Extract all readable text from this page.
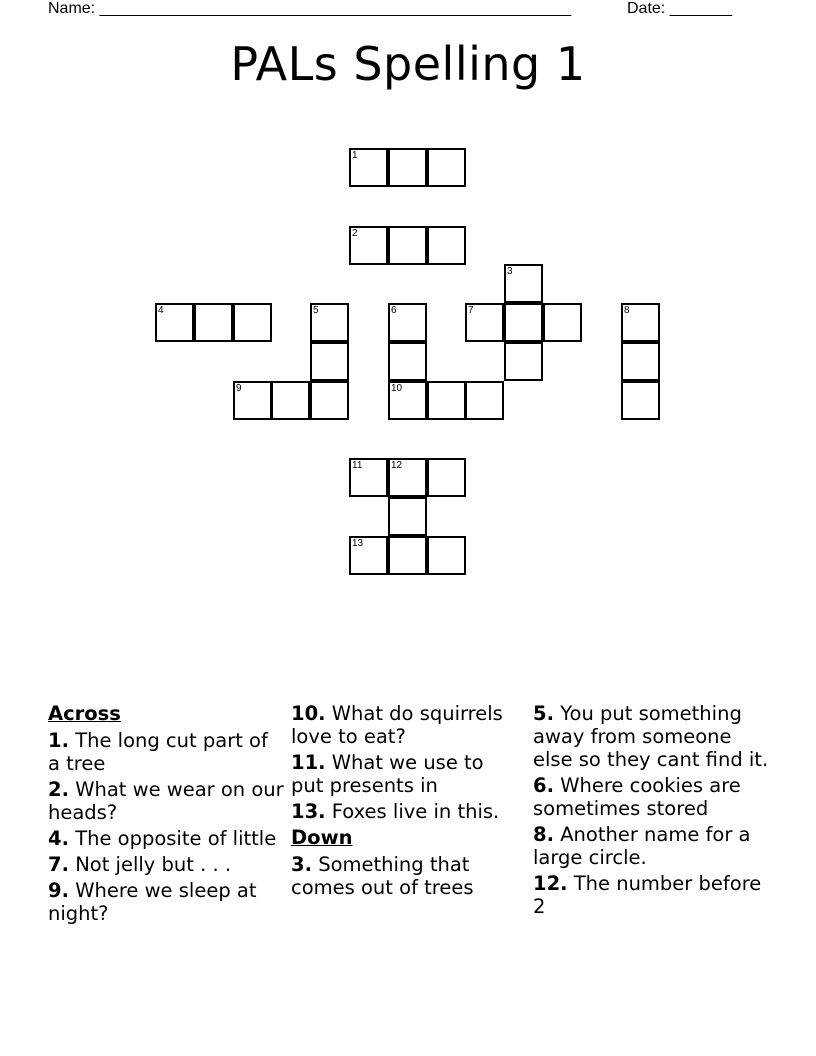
Name: _____________________________________________________	Date: _______
PALs Spelling 1
1
2
3
4	5	6	7	8
9	10
11	12
13
Across
1. The long cut part of a tree
2. What we wear on our heads?
4. The opposite of little
7. Not jelly but . . .
9. Where we sleep at night?
10. What do squirrels love to eat?
11. What we use to put presents in
13. Foxes live in this.
Down
3. Something that comes out of trees
5. You put something away from someone else so they cant find it.
6. Where cookies are sometimes stored
8. Another name for a large circle.
12. The number before 2
